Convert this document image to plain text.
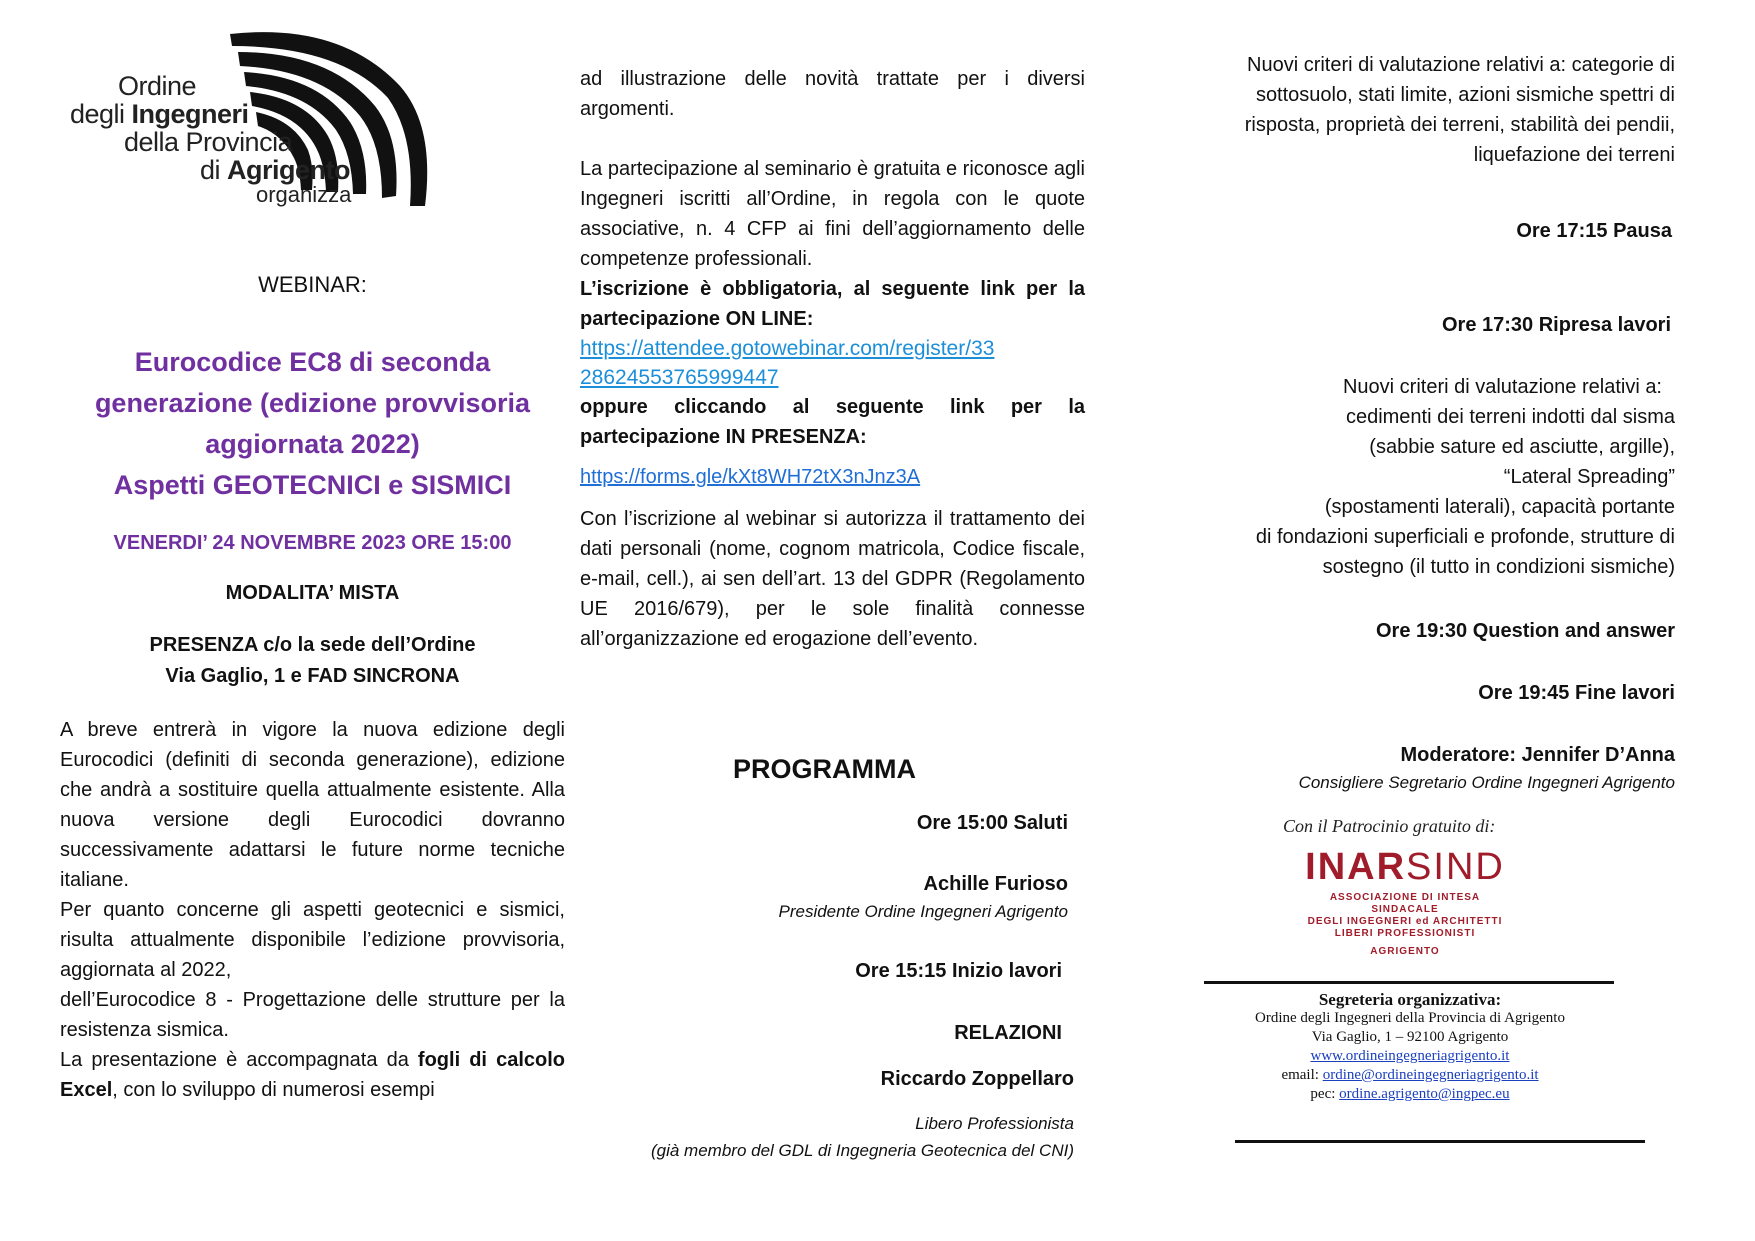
Ordine
degli Ingegneri
della Provincia
di Agrigento
organizza
WEBINAR:
Eurocodice EC8 di seconda
generazione (edizione provvisoria
aggiornata 2022)
Aspetti GEOTECNICI e SISMICI
VENERDI’ 24 NOVEMBRE 2023 ORE 15:00
MODALITA’ MISTA
PRESENZA c/o la sede dell’Ordine
Via Gaglio, 1 e FAD SINCRONA

A breve entrerà in vigore la nuova edizione degli Eurocodici (definiti di seconda generazione), edizione che andrà a sostituire quella attualmente esistente. Alla nuova versione degli Eurocodici dovranno successivamente adattarsi le future norme tecniche italiane.

Per quanto concerne gli aspetti geotecnici e sismici, risulta attualmente disponibile l’edizione provvisoria, aggiornata al 2022,

dell’Eurocodice 8 - Progettazione delle strutture per la resistenza sismica.

La presentazione è accompagnata da fogli di calcolo Excel, con lo sviluppo di numerosi esempi

ad illustrazione delle novità trattate per i diversi argomenti.

La partecipazione al seminario è gratuita e riconosce agli Ingegneri iscritti all’Ordine, in regola con le quote associative, n. 4 CFP ai fini dell’aggiornamento delle competenze professionali.

L’iscrizione è obbligatoria, al seguente link per la partecipazione ON LINE:

https://attendee.gotowebinar.com/register/33
28624553765999447

oppure cliccando al seguente link per la partecipazione IN PRESENZA:

https://forms.gle/kXt8WH72tX3nJnz3A

Con l’iscrizione al webinar si autorizza il trattamento dei dati personali (nome, cognom matricola, Codice fiscale, e-mail, cell.), ai sen dell’art. 13 del GDPR (Regolamento UE 2016/679), per le sole finalità connesse all’organizzazione ed erogazione dell’evento.

PROGRAMMA
Ore 15:00 Saluti
Achille Furioso
Presidente Ordine Ingegneri Agrigento
Ore 15:15 Inizio lavori
RELAZIONI
Riccardo Zoppellaro
Libero Professionista
(già membro del GDL di Ingegneria Geotecnica del CNI)
Nuovi criteri di valutazione relativi a: categorie di
sottosuolo, stati limite, azioni sismiche spettri di
risposta, proprietà dei terreni, stabilità dei pendii,
liquefazione dei terreni
Ore 17:15 Pausa
Ore 17:30 Ripresa lavori
Nuovi criteri di valutazione relativi a:
cedimenti dei terreni indotti dal sisma
(sabbie sature ed asciutte, argille),
“Lateral Spreading”
(spostamenti laterali), capacità portante
di fondazioni superficiali e profonde, strutture di
sostegno (il tutto in condizioni sismiche)
Ore 19:30 Question and answer
Ore 19:45 Fine lavori
Moderatore: Jennifer D’Anna
Consigliere Segretario Ordine Ingegneri Agrigento
Con il Patrocinio gratuito di:
INARSIND
ASSOCIAZIONE DI INTESA
SINDACALE
DEGLI INGEGNERI ed ARCHITETTI
LIBERI PROFESSIONISTI
AGRIGENTO
Segreteria organizzativa:
Ordine degli Ingegneri della Provincia di Agrigento
Via Gaglio, 1 – 92100 Agrigento
www.ordineingegneriagrigento.it
email: ordine@ordineingegneriagrigento.it
pec: ordine.agrigento@ingpec.eu
